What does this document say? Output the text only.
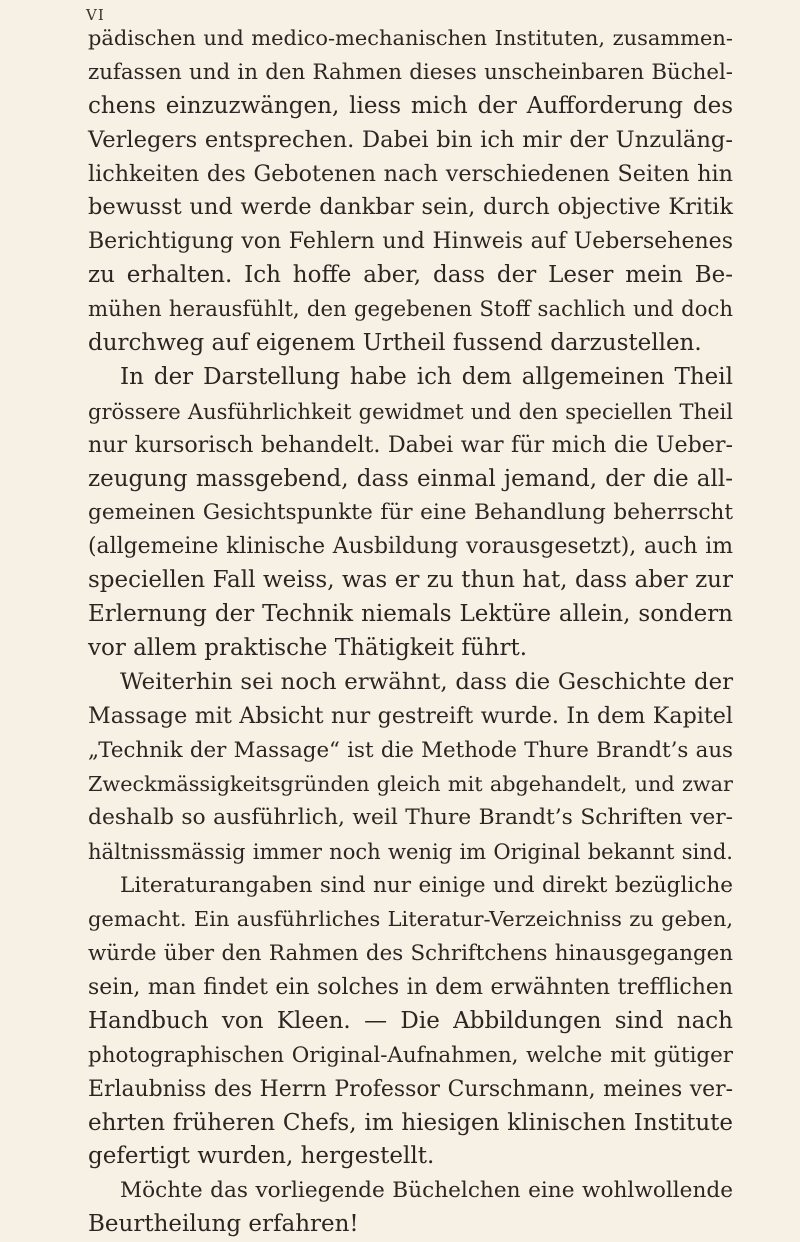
VI
pädischen und medico-mechanischen Instituten, zusammen-
zufassen und in den Rahmen dieses unscheinbaren Büchel-
chens einzuzwängen, liess mich der Aufforderung des
Verlegers entsprechen. Dabei bin ich mir der Unzuläng-
lichkeiten des Gebotenen nach verschiedenen Seiten hin
bewusst und werde dankbar sein, durch objective Kritik
Berichtigung von Fehlern und Hinweis auf Uebersehenes
zu erhalten. Ich hoffe aber, dass der Leser mein Be-
mühen herausfühlt, den gegebenen Stoff sachlich und doch
durchweg auf eigenem Urtheil fussend darzustellen.
In der Darstellung habe ich dem allgemeinen Theil
grössere Ausführlichkeit gewidmet und den speciellen Theil
nur kursorisch behandelt. Dabei war für mich die Ueber-
zeugung massgebend, dass einmal jemand, der die all-
gemeinen Gesichtspunkte für eine Behandlung beherrscht
(allgemeine klinische Ausbildung vorausgesetzt), auch im
speciellen Fall weiss, was er zu thun hat, dass aber zur
Erlernung der Technik niemals Lektüre allein, sondern
vor allem praktische Thätigkeit führt.
Weiterhin sei noch erwähnt, dass die Geschichte der
Massage mit Absicht nur gestreift wurde. In dem Kapitel
„Technik der Massage“ ist die Methode Thure Brandt’s aus
Zweckmässigkeitsgründen gleich mit abgehandelt, und zwar
deshalb so ausführlich, weil Thure Brandt’s Schriften ver-
hältnissmässig immer noch wenig im Original bekannt sind.
Literaturangaben sind nur einige und direkt bezügliche
gemacht. Ein ausführliches Literatur-Verzeichniss zu geben,
würde über den Rahmen des Schriftchens hinausgegangen
sein, man findet ein solches in dem erwähnten trefflichen
Handbuch von Kleen. — Die Abbildungen sind nach
photographischen Original-Aufnahmen, welche mit gütiger
Erlaubniss des Herrn Professor Curschmann, meines ver-
ehrten früheren Chefs, im hiesigen klinischen Institute
gefertigt wurden, hergestellt.
Möchte das vorliegende Büchelchen eine wohlwollende
Beurtheilung erfahren!
